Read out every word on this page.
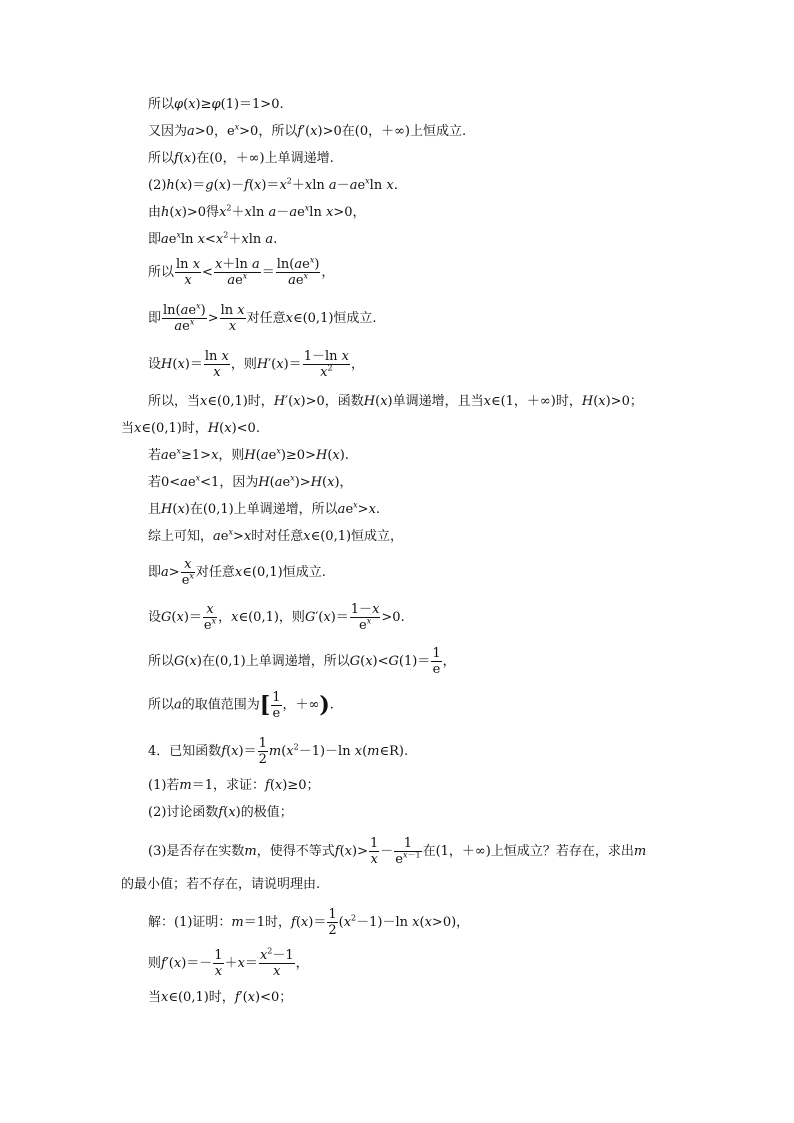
所以φ(x)≥φ(1)＝1>0.
又因为a>0，$e^x>0$，所以f′(x)>0在(0，＋∞)上恒成立.
所以f(x)在(0，＋∞)上单调递增.
$(2)h(x)=g(x)-f(x)=x^2+xln$ $a-ae^x\ln$ x.
由h(x)>0得$x^2+xln$ $a-ae^x\ln$ x>0，
即$ae^x\ln$ $x<x^2+xln$ a.
所以 $\frac{\text{ln x}}{x} < \frac{\text{x＋ln a}}{ae^x} = \frac{\ln(ae^x)}{ae^x}$ ，
即 $\frac{\ln(ae^x)}{ae^x} > \frac{\text{ln x}}{x}$ 对任意x∈(0,1)恒成立.
设$H(x)= \frac{\text{ln x}}{x}$ ，则$H'(x)= \frac{\text{1－ln x}}{x^2}$ ，
所以，当x∈(0,1)时，H′(x)>0，函数H(x)单调递增，且当x∈(1，＋∞)时，H(x)>0；
当x∈(0,1)时，H(x)<0.
若$ae^x\ge 1>x$，则$H(ae^x)\ge 0>H(x)$.
若$0<ae^x<1$，因为$H(ae^x)>H(x)$，
且H(x)在(0,1)上单调递增，所以$ae^x>x$.
综上可知，$ae^x>x$时对任意x∈(0,1)恒成立，
即$a> \frac{x}{e^x}$ 对任意x∈(0,1)恒成立.
设$G(x)= \frac{x}{e^x}$ ，x∈(0,1)，则$G'(x)= \frac{1-x}{e^x} >0$.
所以G(x)在(0,1)上单调递增，所以$G(x)<G(1)= \frac{1}{e}$ ，
所以a的取值范围为[ $\frac{1}{e}$ ，＋∞).
4．已知函数$f(x)= \frac{1}{2} m(x^2-1)-\ln$ x(m∈R).
(1)若m＝1，求证：f(x)≥0；
(2)讨论函数f(x)的极值；
(3)是否存在实数m，使得不等式$f(x)> \frac{1}{x} - \frac{1}{e^{x-1}}$ 在(1，＋∞)上恒成立？若存在，求出m
的最小值；若不存在，请说明理由.
解：(1)证明：m＝1时，$f(x)= \frac{1}{2} (x^2-1)-\ln$ x(x>0)，
则$f'(x)=- \frac{1}{x} +x= \frac{x^2-1}{x}$ ，
当x∈(0,1)时，f′(x)<0；
